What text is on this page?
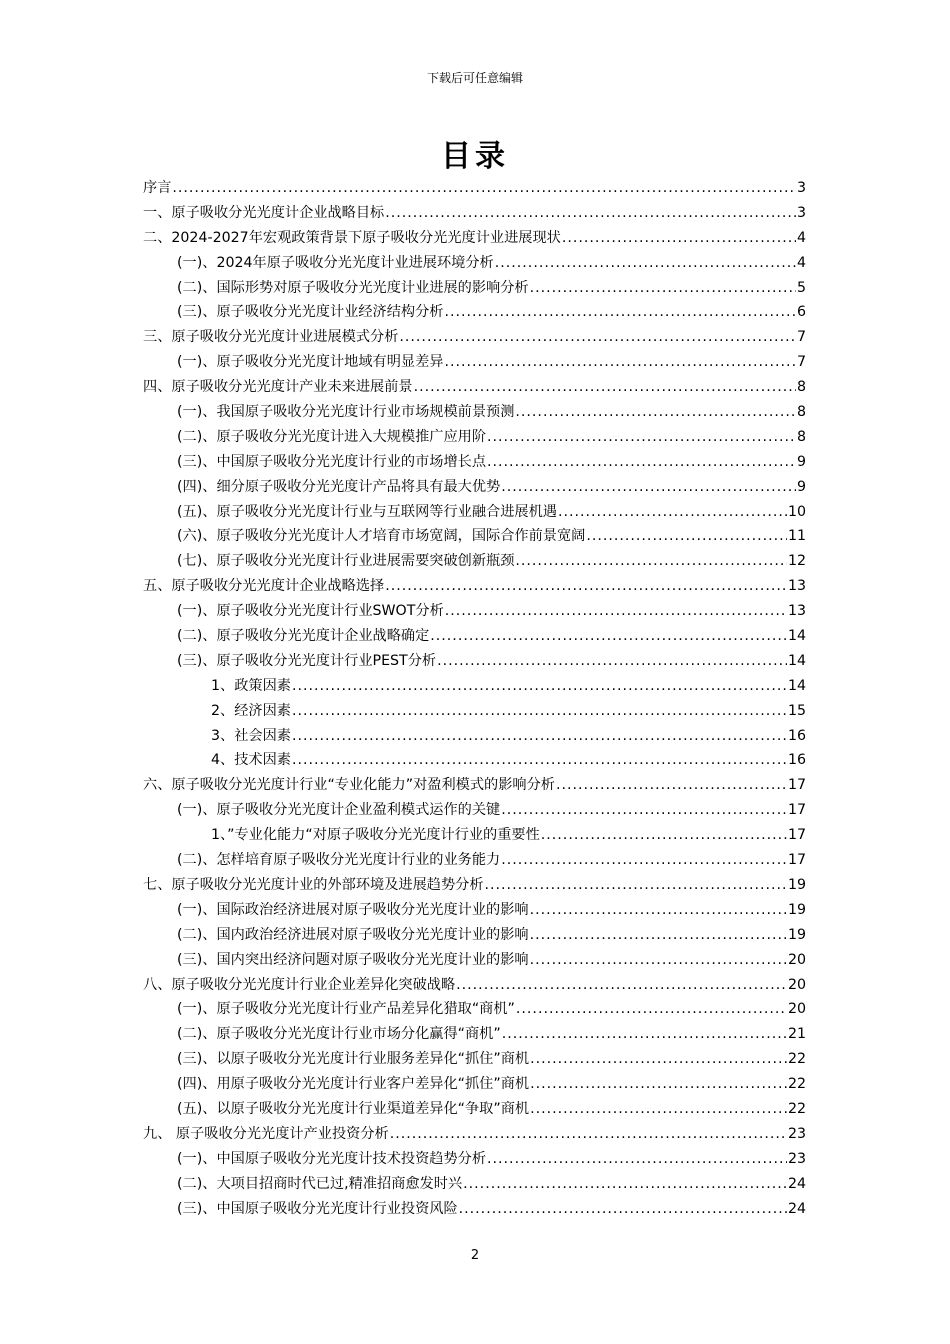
下载后可任意编辑
目录
序言 .....	3
一、原子吸收分光光度计企业战略目标 .....	3
二、2024-2027年宏观政策背景下原子吸收分光光度计业进展现状 .....	4
(一)、2024年原子吸收分光光度计业进展环境分析 .....	4
(二)、国际形势对原子吸收分光光度计业进展的影响分析 .....	5
(三)、原子吸收分光光度计业经济结构分析 .....	6
三、原子吸收分光光度计业进展模式分析 .....	7
(一)、原子吸收分光光度计地域有明显差异 .....	7
四、原子吸收分光光度计产业未来进展前景 .....	8
(一)、我国原子吸收分光光度计行业市场规模前景预测 .....	8
(二)、原子吸收分光光度计进入大规模推广应用阶 .....	8
(三)、中国原子吸收分光光度计行业的市场增长点 .....	9
(四)、细分原子吸收分光光度计产品将具有最大优势 .....	9
(五)、原子吸收分光光度计行业与互联网等行业融合进展机遇 .....	10
(六)、原子吸收分光光度计人才培育市场宽阔，国际合作前景宽阔 .....	11
(七)、原子吸收分光光度计行业进展需要突破创新瓶颈 .....	12
五、原子吸收分光光度计企业战略选择 .....	13
(一)、原子吸收分光光度计行业SWOT分析 .....	13
(二)、原子吸收分光光度计企业战略确定 .....	14
(三)、原子吸收分光光度计行业PEST分析 .....	14
1、政策因素 .....	14
2、经济因素 .....	15
3、社会因素 .....	16
4、技术因素 .....	16
六、原子吸收分光光度计行业“专业化能力”对盈利模式的影响分析 .....	17
(一)、原子吸收分光光度计企业盈利模式运作的关键 .....	17
1、”专业化能力“对原子吸收分光光度计行业的重要性 .....	17
(二)、怎样培育原子吸收分光光度计行业的业务能力 .....	17
七、原子吸收分光光度计业的外部环境及进展趋势分析 .....	19
(一)、国际政治经济进展对原子吸收分光光度计业的影响 .....	19
(二)、国内政治经济进展对原子吸收分光光度计业的影响 .....	19
(三)、国内突出经济问题对原子吸收分光光度计业的影响 .....	20
八、原子吸收分光光度计行业企业差异化突破战略 .....	20
(一)、原子吸收分光光度计行业产品差异化猎取“商机” .....	20
(二)、原子吸收分光光度计行业市场分化赢得“商机” .....	21
(三)、以原子吸收分光光度计行业服务差异化“抓住”商机 .....	22
(四)、用原子吸收分光光度计行业客户差异化“抓住”商机 .....	22
(五)、以原子吸收分光光度计行业渠道差异化“争取”商机 .....	22
九、 原子吸收分光光度计产业投资分析 .....	23
(一)、中国原子吸收分光光度计技术投资趋势分析 .....	23
(二)、大项目招商时代已过,精准招商愈发时兴 .....	24
(三)、中国原子吸收分光光度计行业投资风险 .....	24
2
